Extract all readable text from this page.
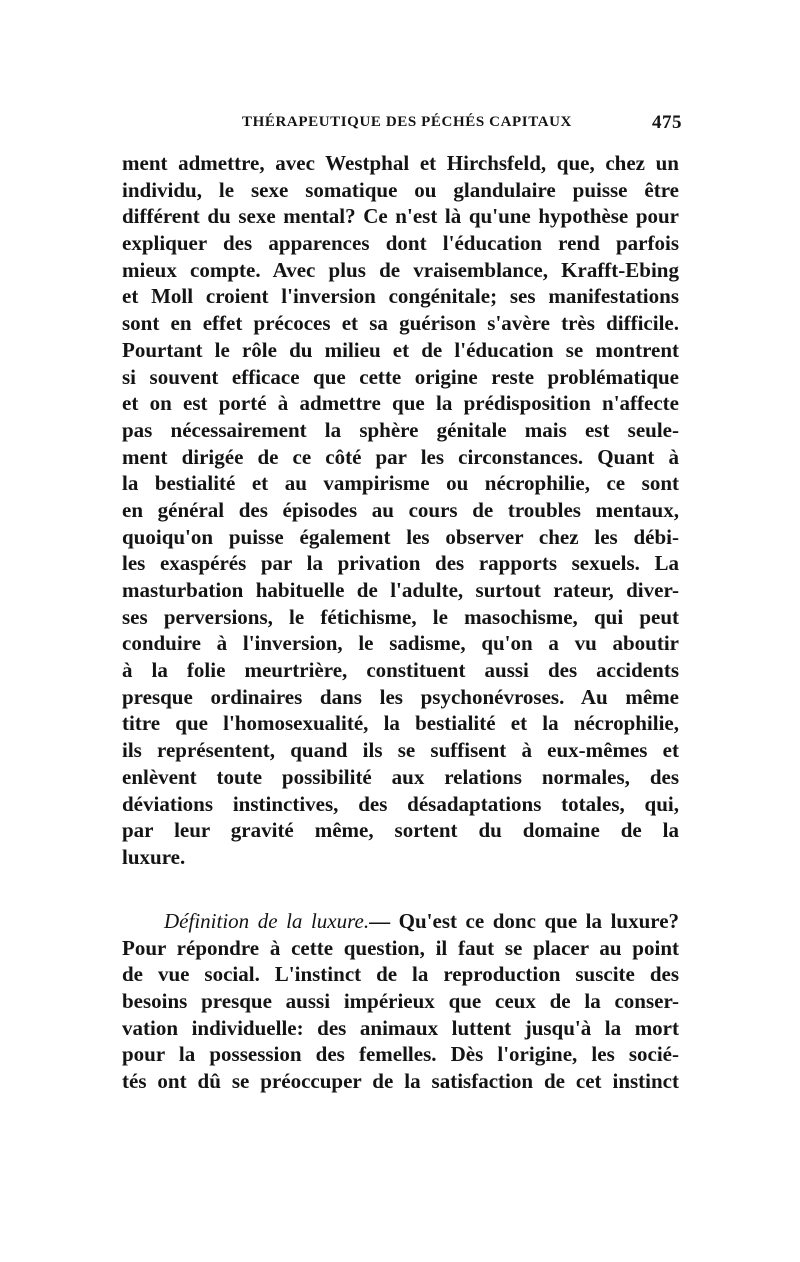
THÉRAPEUTIQUE DES PÉCHÉS CAPITAUX	475
ment admettre, avec Westphal et Hirchsfeld, que, chez un
individu, le sexe somatique ou glandulaire puisse être
différent du sexe mental? Ce n'est là qu'une hypothèse pour
expliquer des apparences dont l'éducation rend parfois
mieux compte. Avec plus de vraisemblance, Krafft-Ebing
et Moll croient l'inversion congénitale; ses manifestations
sont en effet précoces et sa guérison s'avère très difficile.
Pourtant le rôle du milieu et de l'éducation se montrent
si souvent efficace que cette origine reste problématique
et on est porté à admettre que la prédisposition n'affecte
pas nécessairement la sphère génitale mais est seule-
ment dirigée de ce côté par les circonstances. Quant à
la bestialité et au vampirisme ou nécrophilie, ce sont
en général des épisodes au cours de troubles mentaux,
quoiqu'on puisse également les observer chez les débi-
les exaspérés par la privation des rapports sexuels. La
masturbation habituelle de l'adulte, surtout rateur, diver-
ses perversions, le fétichisme, le masochisme, qui peut
conduire à l'inversion, le sadisme, qu'on a vu aboutir
à la folie meurtrière, constituent aussi des accidents
presque ordinaires dans les psychonévroses. Au même
titre que l'homosexualité, la bestialité et la nécrophilie,
ils représentent, quand ils se suffisent à eux-mêmes et
enlèvent toute possibilité aux relations normales, des
déviations instinctives, des désadaptations totales, qui,
par leur gravité même, sortent du domaine de la
luxure.
  Définition de la luxure.— Qu'est ce donc que la luxure?
Pour répondre à cette question, il faut se placer au point
de vue social. L'instinct de la reproduction suscite des
besoins presque aussi impérieux que ceux de la conser-
vation individuelle: des animaux luttent jusqu'à la mort
pour la possession des femelles. Dès l'origine, les socié-
tés ont dû se préoccuper de la satisfaction de cet instinct
